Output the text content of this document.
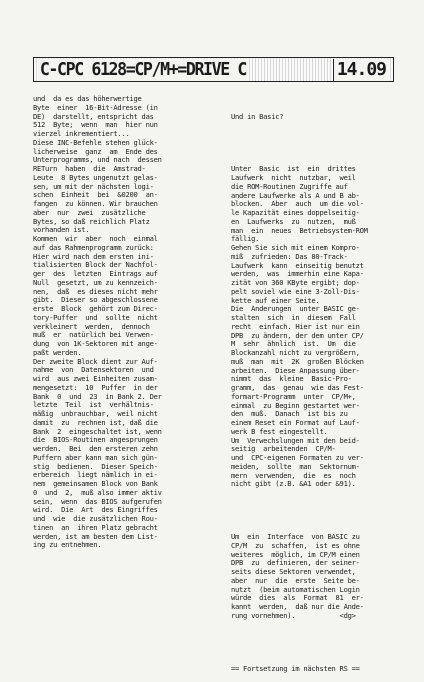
C-CPC 6128=CP/M+=DRIVE C	14.09
und  da es das höherwertige
Byte  einer  16-Bit-Adresse (in
DE)  darstellt, entspricht das
512  Byte;  wenn  man  hier nun
vierzel inkrementiert...
Diese INC-Befehle stehen glück-
licherweise  ganz  am  Ende des
Unterprogramms, und nach  dessen
RETurn  haben  die  Amstrad-
Leute  8 Bytes ungenutzt gelas-
sen, um mit der nächsten logi-
schen  Einheit  bei  &0200  an-
fangen  zu können. Wir brauchen
aber  nur  zwei  zusätzliche
Bytes, so daß reichlich Platz
vorhanden ist.
Kommen  wir  aber  noch  einmal
auf das Rahmenprogramm zurück:
Hier wird nach dem ersten ini-
tialisierten Block der Nachfol-
ger  des  letzten  Eintrags auf
Null  gesetzt, um zu kennzeich-
nen,  daß  es dieses nicht mehr
gibt.  Dieser so abgeschlossene
erste  Block  gehört zum Direc-
tory-Puffer  und  sollte  nicht
verkleinert  werden,  dennoch
muß  er  natürlich bei Verwen-
dung  von 1K-Sektoren mit ange-
paßt werden.
Der zweite Block dient zur Auf-
nahme  von  Datensektoren  und
wird  aus zwei Einheiten zusam-
mengesetzt:  10  Puffer  in der
Bank  0  und  23  in Bank 2. Der
letzte  Teil  ist  verhältnis-
mäßig  unbrauchbar,  weil nicht
damit  zu  rechnen ist, daß die
Bank  2  eingeschaltet ist, wenn
die  BIOS-Routinen angesprungen
werden.  Bei  den ersteren zehn
Puffern aber kann man sich gün-
stig  bedienen.  Dieser Speich-
erbereich  liegt nämlich in ei-
nem  gemeinsamen Block von Bank
0  und  2,  muß also immer aktiv
sein,  wenn  das BIOS aufgerufen
wird.  Die  Art  des Eingriffes
und  wie  die zusätzlichen Rou-
tinen  an  ihren Platz gebracht
werden, ist am besten dem List-
ing zu entnehmen.

Und in Basic?

Unter  Basic  ist  ein  drittes
Laufwerk  nicht  nutzbar,  weil
die ROM-Routinen Zugriffe auf
andere Laufwerke als A und B ab-
blocken.  Aber  auch  um die vol-
le Kapazität eines doppelseitig-
en  Laufwerks  zu  nutzen,  muß
man  ein  neues  Betriebsystem-ROM
fällig.
Gehen Sie sich mit einem Kompro-
miß  zufrieden: Das 80-Track-
Laufwerk  kann  einseitig benutzt
werden,  was  immerhin eine Kapa-
zität von 360 KByte ergibt; dop-
pelt soviel wie eine 3-Zoll-Dis-
kette auf einer Seite.
Die  Änderungen  unter BASIC ge-
stalten  sich  in  diesem  Fall
recht  einfach. Hier ist nur ein
DPB  zu ändern, der dem unter CP/
M  sehr  ähnlich  ist.  Um  die
Blockanzahl nicht zu vergrößern,
muß  man  mit  2K  großen Blöcken
arbeiten.  Diese Anpassung über-
nimmt  das  kleine  Basic-Pro-
gramm,  das  genau  wie das Fest-
formart-Programm  unter  CP/M+,
einmal  zu Beginn gestartet wer-
den  muß.  Danach  ist bis zu
einem Reset ein Format auf Lauf-
werk B fest eingestellt.
Um  Verwechslungen mit den beid-
seitig  arbeitenden  CP/M-
und  CPC-eigenen Formaten zu ver-
meiden,  sollte  man  Sektornum-
mern  verwenden,  die  es  noch
nicht gibt (z.B. &A1 oder &91).

Um  ein  Interface  von BASIC zu
CP/M  zu  schaffen,  ist es ohne
weiteres  möglich, im CP/M einen
DPB  zu  definieren, der seiner-
seits diese Sektoren verwendet,
aber  nur  die  erste  Seite be-
nutzt  (beim automatischen Login
würde  dies  als  Format  81  er-
kannt  werden,  daß nur die Ände-
rung vornehmen).           <dg>

== Fortsetzung im nächsten RS ==
